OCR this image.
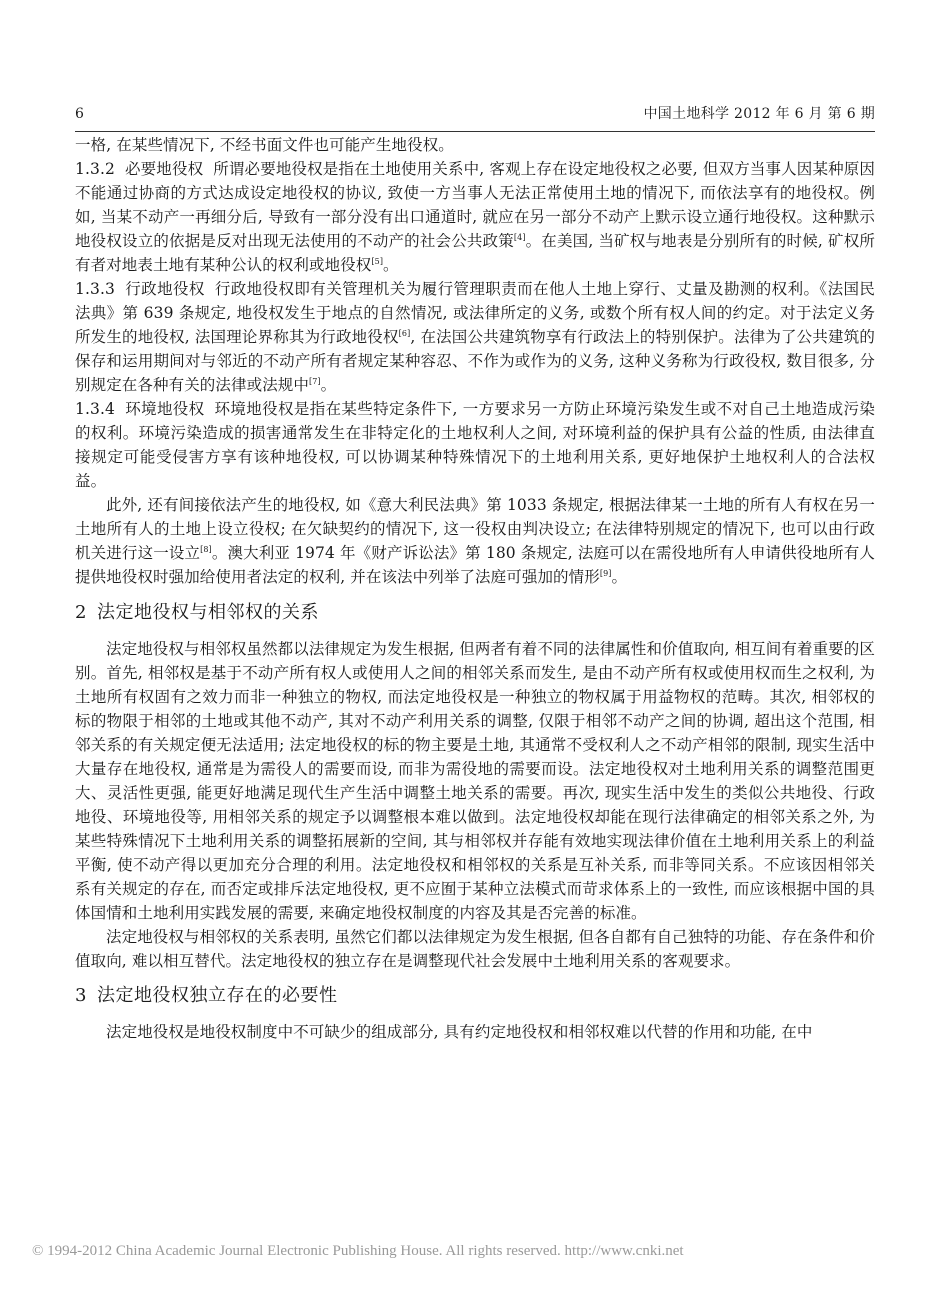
6	中国土地科学 2012 年 6 月 第 6 期

一格, 在某些情况下, 不经书面文件也可能产生地役权。

1.3.2 必要地役权 所谓必要地役权是指在土地使用关系中, 客观上存在设定地役权之必要, 但双方当事人因某种原因不能通过协商的方式达成设定地役权的协议, 致使一方当事人无法正常使用土地的情况下, 而依法享有的地役权。例如, 当某不动产一再细分后, 导致有一部分没有出口通道时, 就应在另一部分不动产上默示设立通行地役权。这种默示地役权设立的依据是反对出现无法使用的不动产的社会公共政策[4]。在美国, 当矿权与地表是分别所有的时候, 矿权所有者对地表土地有某种公认的权利或地役权[5]。

1.3.3 行政地役权 行政地役权即有关管理机关为履行管理职责而在他人土地上穿行、丈量及勘测的权利。《法国民法典》第 639 条规定, 地役权发生于地点的自然情况, 或法律所定的义务, 或数个所有权人间的约定。对于法定义务所发生的地役权, 法国理论界称其为行政地役权[6], 在法国公共建筑物享有行政法上的特别保护。法律为了公共建筑的保存和运用期间对与邻近的不动产所有者规定某种容忍、不作为或作为的义务, 这种义务称为行政役权, 数目很多, 分别规定在各种有关的法律或法规中[7]。

1.3.4 环境地役权 环境地役权是指在某些特定条件下, 一方要求另一方防止环境污染发生或不对自己土地造成污染的权利。环境污染造成的损害通常发生在非特定化的土地权利人之间, 对环境利益的保护具有公益的性质, 由法律直接规定可能受侵害方享有该种地役权, 可以协调某种特殊情况下的土地利用关系, 更好地保护土地权利人的合法权益。

此外, 还有间接依法产生的地役权, 如《意大利民法典》第 1033 条规定, 根据法律某一土地的所有人有权在另一土地所有人的土地上设立役权; 在欠缺契约的情况下, 这一役权由判决设立; 在法律特别规定的情况下, 也可以由行政机关进行这一设立[8]。澳大利亚 1974 年《财产诉讼法》第 180 条规定, 法庭可以在需役地所有人申请供役地所有人提供地役权时强加给使用者法定的权利, 并在该法中列举了法庭可强加的情形[9]。

2 法定地役权与相邻权的关系

法定地役权与相邻权虽然都以法律规定为发生根据, 但两者有着不同的法律属性和价值取向, 相互间有着重要的区别。首先, 相邻权是基于不动产所有权人或使用人之间的相邻关系而发生, 是由不动产所有权或使用权而生之权利, 为土地所有权固有之效力而非一种独立的物权, 而法定地役权是一种独立的物权属于用益物权的范畴。其次, 相邻权的标的物限于相邻的土地或其他不动产, 其对不动产利用关系的调整, 仅限于相邻不动产之间的协调, 超出这个范围, 相邻关系的有关规定便无法适用; 法定地役权的标的物主要是土地, 其通常不受权利人之不动产相邻的限制, 现实生活中大量存在地役权, 通常是为需役人的需要而设, 而非为需役地的需要而设。法定地役权对土地利用关系的调整范围更大、灵活性更强, 能更好地满足现代生产生活中调整土地关系的需要。再次, 现实生活中发生的类似公共地役、行政地役、环境地役等, 用相邻关系的规定予以调整根本难以做到。法定地役权却能在现行法律确定的相邻关系之外, 为某些特殊情况下土地利用关系的调整拓展新的空间, 其与相邻权并存能有效地实现法律价值在土地利用关系上的利益平衡, 使不动产得以更加充分合理的利用。法定地役权和相邻权的关系是互补关系, 而非等同关系。不应该因相邻关系有关规定的存在, 而否定或排斥法定地役权, 更不应囿于某种立法模式而苛求体系上的一致性, 而应该根据中国的具体国情和土地利用实践发展的需要, 来确定地役权制度的内容及其是否完善的标准。

法定地役权与相邻权的关系表明, 虽然它们都以法律规定为发生根据, 但各自都有自己独特的功能、存在条件和价值取向, 难以相互替代。法定地役权的独立存在是调整现代社会发展中土地利用关系的客观要求。

3 法定地役权独立存在的必要性

法定地役权是地役权制度中不可缺少的组成部分, 具有约定地役权和相邻权难以代替的作用和功能, 在中

© 1994-2012 China Academic Journal Electronic Publishing House. All rights reserved. http://www.cnki.net
